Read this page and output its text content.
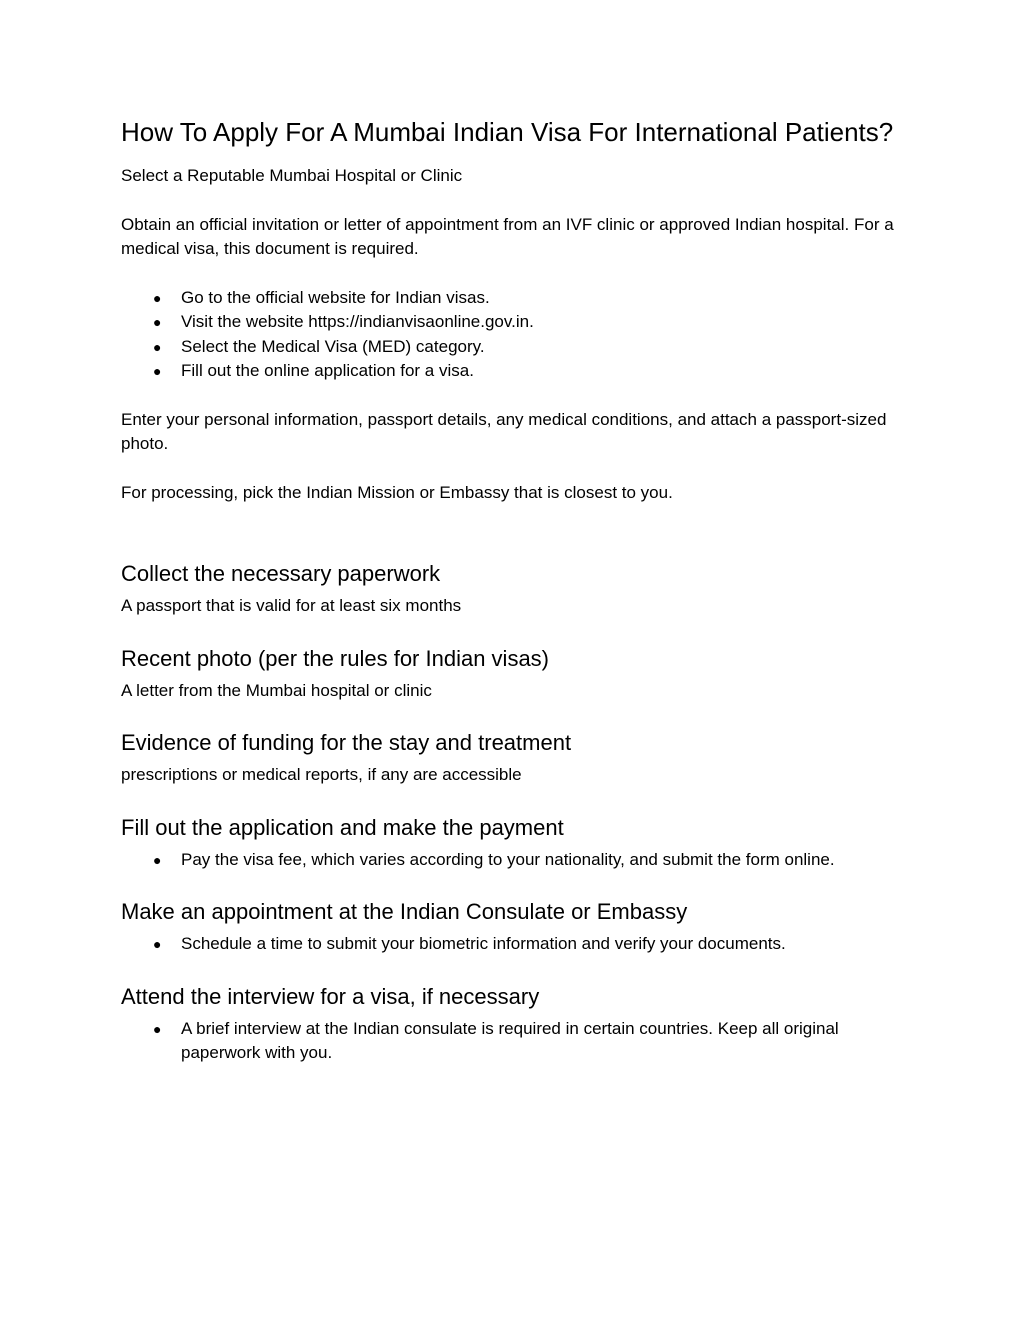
How To Apply For A Mumbai Indian Visa For International Patients?

Select a Reputable Mumbai Hospital or Clinic

Obtain an official invitation or letter of appointment from an IVF clinic or approved Indian hospital. For a medical visa, this document is required.

● Go to the official website for Indian visas.
● Visit the website https://indianvisaonline.gov.in.
● Select the Medical Visa (MED) category.
● Fill out the online application for a visa.

Enter your personal information, passport details, any medical conditions, and attach a passport-sized photo.

For processing, pick the Indian Mission or Embassy that is closest to you.

Collect the necessary paperwork

A passport that is valid for at least six months

Recent photo (per the rules for Indian visas)

A letter from the Mumbai hospital or clinic

Evidence of funding for the stay and treatment

prescriptions or medical reports, if any are accessible

Fill out the application and make the payment
● Pay the visa fee, which varies according to your nationality, and submit the form online.
Make an appointment at the Indian Consulate or Embassy
● Schedule a time to submit your biometric information and verify your documents.
Attend the interview for a visa, if necessary
● A brief interview at the Indian consulate is required in certain countries. Keep all original paperwork with you.
